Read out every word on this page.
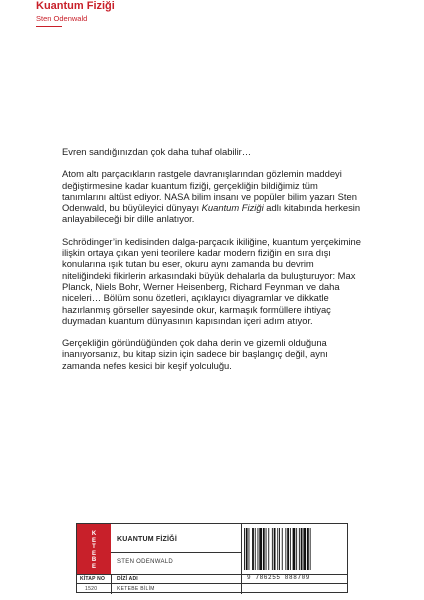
Kuantum Fiziği
Sten Odenwald

Evren sandığınızdan çok daha tuhaf olabilir…

Atom altı parçacıkların rastgele davranışlarından gözlemin maddeyi değiştirmesine kadar kuantum fiziği, gerçekliğin bildiğimiz tüm tanımlarını altüst ediyor. NASA bilim insanı ve popüler bilim yazarı Sten Odenwald, bu büyüleyici dünyayı Kuantum Fiziği adlı kitabında herkesin anlayabileceği bir dille anlatıyor.

Schrödinger’in kedisinden dalga-parçacık ikiliğine, kuantum yerçekimine ilişkin ortaya çıkan yeni teorilere kadar modern fiziğin en sıra dışı konularına ışık tutan bu eser, okuru aynı zamanda bu devrim niteliğindeki fikirlerin arkasındaki büyük dehalarla da buluşturuyor: Max Planck, Niels Bohr, Werner Heisenberg, Richard Feynman ve daha niceleri… Bölüm sonu özetleri, açıklayıcı diyagramlar ve dikkatle hazırlanmış görseller sayesinde okur, karmaşık formüllere ihtiyaç duymadan kuantum dünyasının kapısından içeri adım atıyor.

Gerçekliğin göründüğünden çok daha derin ve gizemli olduğuna inanıyorsanız, bu kitap sizin için sadece bir başlangıç değil, aynı zamanda nefes kesici bir keşif yolculuğu.

K
E
T
E
B
E
KUANTUM FİZİĞİ
STEN ODENWALD
KİTAP NO
1520
DİZİ ADI
KETEBE BİLİM
9 786255 888709
